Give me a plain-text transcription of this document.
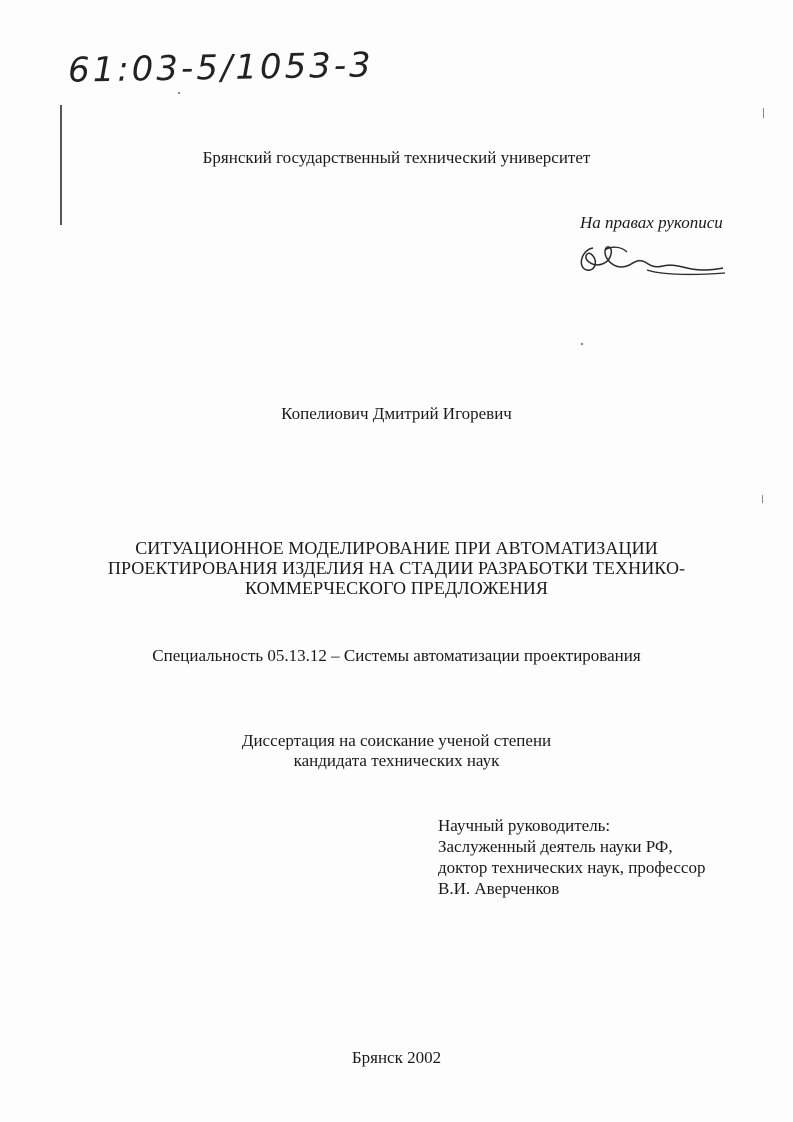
61:03-5/1053-3
Брянский государственный технический университет
На правах рукописи
Копелиович Дмитрий Игоревич
СИТУАЦИОННОЕ МОДЕЛИРОВАНИЕ ПРИ АВТОМАТИЗАЦИИ
ПРОЕКТИРОВАНИЯ ИЗДЕЛИЯ НА СТАДИИ РАЗРАБОТКИ ТЕХНИКО-
КОММЕРЧЕСКОГО ПРЕДЛОЖЕНИЯ
Специальность 05.13.12 – Системы автоматизации проектирования
Диссертация на соискание ученой степени
кандидата технических наук
Научный руководитель:
Заслуженный деятель науки РФ,
доктор технических наук, профессор
В.И. Аверченков
Брянск 2002
